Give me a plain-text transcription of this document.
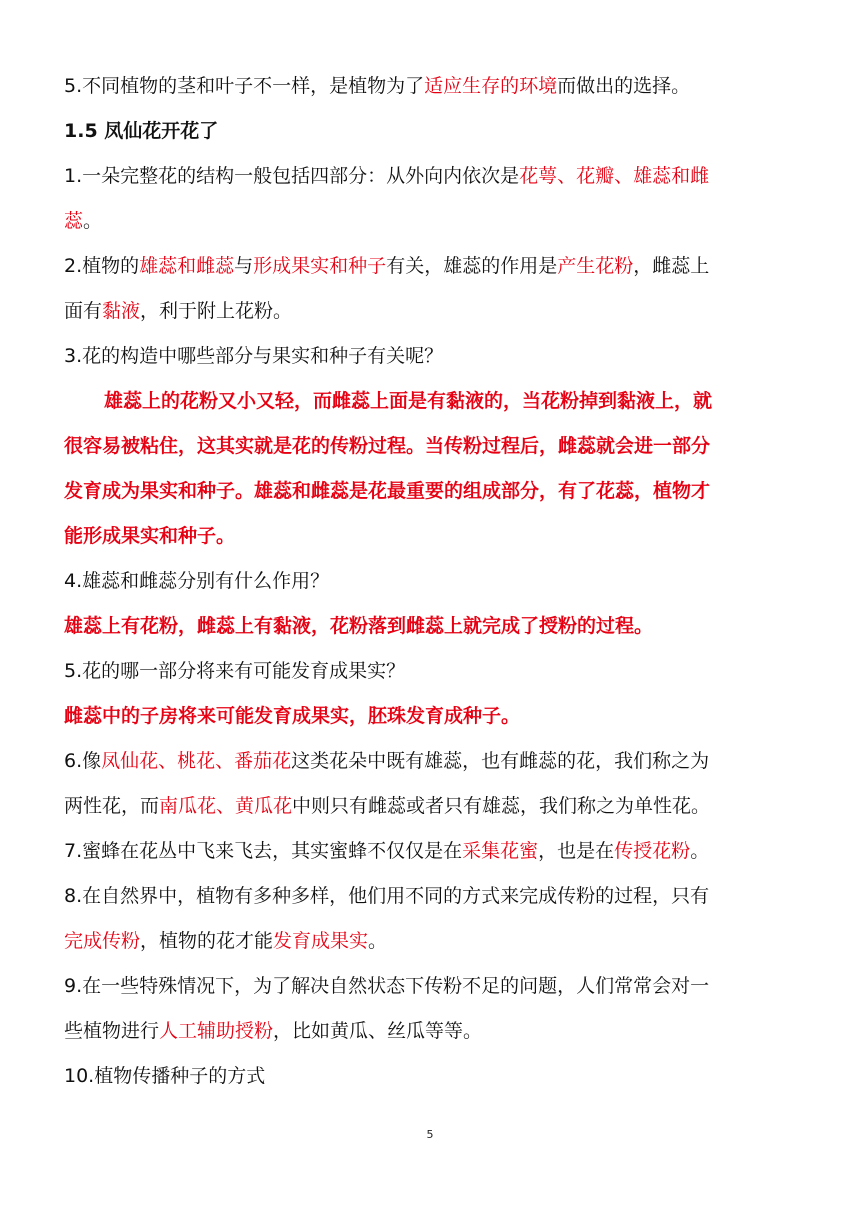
5.不同植物的茎和叶子不一样，是植物为了适应生存的环境而做出的选择。
1.5 凤仙花开花了
1.一朵完整花的结构一般包括四部分：从外向内依次是花萼、花瓣、雄蕊和雌
蕊。
2.植物的雄蕊和雌蕊与形成果实和种子有关，雄蕊的作用是产生花粉，雌蕊上
面有黏液，利于附上花粉。
3.花的构造中哪些部分与果实和种子有关呢？
雄蕊上的花粉又小又轻，而雌蕊上面是有黏液的，当花粉掉到黏液上，就
很容易被粘住，这其实就是花的传粉过程。当传粉过程后，雌蕊就会进一部分
发育成为果实和种子。雄蕊和雌蕊是花最重要的组成部分，有了花蕊，植物才
能形成果实和种子。
4.雄蕊和雌蕊分别有什么作用？
雄蕊上有花粉，雌蕊上有黏液，花粉落到雌蕊上就完成了授粉的过程。
5.花的哪一部分将来有可能发育成果实？
雌蕊中的子房将来可能发育成果实，胚珠发育成种子。
6.像凤仙花、桃花、番茄花这类花朵中既有雄蕊，也有雌蕊的花，我们称之为
两性花，而南瓜花、黄瓜花中则只有雌蕊或者只有雄蕊，我们称之为单性花。
7.蜜蜂在花丛中飞来飞去，其实蜜蜂不仅仅是在采集花蜜，也是在传授花粉。
8.在自然界中，植物有多种多样，他们用不同的方式来完成传粉的过程，只有
完成传粉，植物的花才能发育成果实。
9.在一些特殊情况下，为了解决自然状态下传粉不足的问题，人们常常会对一
些植物进行人工辅助授粉，比如黄瓜、丝瓜等等。
10.植物传播种子的方式
5
